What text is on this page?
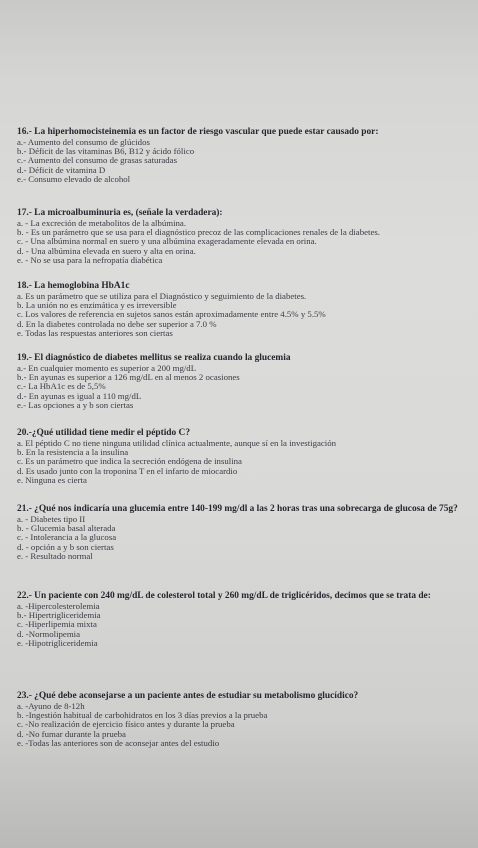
16.- La hiperhomocisteinemia es un factor de riesgo vascular que puede estar causado por:
a.- Aumento del consumo de glúcidos
b.- Déficit de las vitaminas B6, B12 y ácido fólico
c.- Aumento del consumo de grasas saturadas
d.- Déficit de vitamina D
e.- Consumo elevado de alcohol
17.- La microalbuminuria es, (señale la verdadera):
a. - La excreción de metabolitos de la albúmina.
b. - Es un parámetro que se usa para el diagnóstico precoz de las complicaciones renales de la diabetes.
c. - Una albúmina normal en suero y una albúmina exageradamente elevada en orina.
d. - Una albúmina elevada en suero y alta en orina.
e. - No se usa para la nefropatía diabética
18.- La hemoglobina HbA1c
a. Es un parámetro que se utiliza para el Diagnóstico y seguimiento de la diabetes.
b. La unión no es enzimática y es irreversible
c. Los valores de referencia en sujetos sanos están aproximadamente entre 4.5% y 5.5%
d. En la diabetes controlada no debe ser superior a 7.0 %
e. Todas las respuestas anteriores son ciertas
19.- El diagnóstico de diabetes mellitus se realiza cuando la glucemia
a.- En cualquier momento es superior a 200 mg/dL
b.- En ayunas es superior a 126 mg/dL en al menos 2 ocasiones
c.- La HbA1c es de 5,5%
d.- En ayunas es igual a 110 mg/dL
e.- Las opciones a y b son ciertas
20.-¿Qué utilidad tiene medir el péptido C?
a. El péptido C no tiene ninguna utilidad clínica actualmente, aunque sí en la investigación
b. En la resistencia a la insulina
c. Es un parámetro que indica la secreción endógena de insulina
d. Es usado junto con la troponina T en el infarto de miocardio
e. Ninguna es cierta
21.- ¿Qué nos indicaría una glucemia entre 140-199 mg/dl a las 2 horas tras una sobrecarga de glucosa de 75g?
a. - Diabetes tipo II
b. - Glucemia basal alterada
c. - Intolerancia a la glucosa
d. - opción a y b son ciertas
e. - Resultado normal
22.- Un paciente con 240 mg/dL de colesterol total y 260 mg/dL de triglicéridos, decimos que se trata de:
a. -Hipercolesterolemia
b.- Hipertrigliceridemia
c. -Hiperlipemia mixta
d. -Normolipemia
e. -Hipotrigliceridemia
23.- ¿Qué debe aconsejarse a un paciente antes de estudiar su metabolismo glucídico?
a. -Ayuno de 8-12h
b. -Ingestión habitual de carbohidratos en los 3 días previos a la prueba
c. -No realización de ejercicio físico antes y durante la prueba
d. -No fumar durante la prueba
e. -Todas las anteriores son de aconsejar antes del estudio
